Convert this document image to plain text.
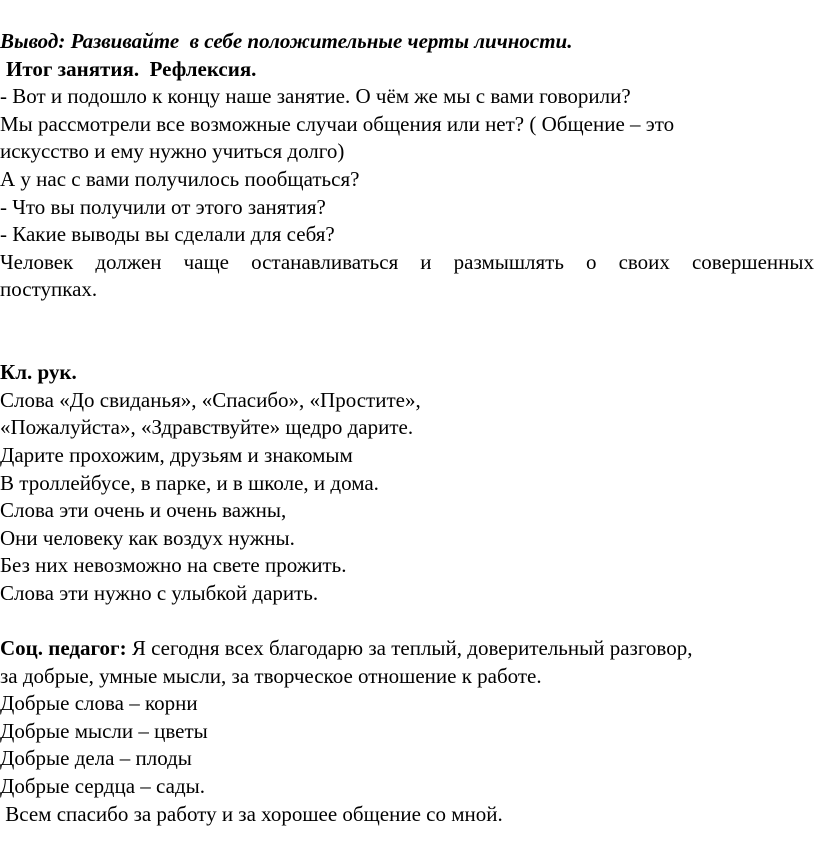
Вывод: Развивайте  в себе положительные черты личности.
Итог занятия.  Рефлексия.
- Вот и подошло к концу наше занятие. О чём же мы с вами говорили?
Мы рассмотрели все возможные случаи общения или нет? ( Общение – это
искусство и ему нужно учиться долго)
А у нас с вами получилось пообщаться?
- Что вы получили от этого занятия?
- Какие выводы вы сделали для себя?
Человек должен чаще останавливаться и размышлять о своих совершенных
поступках.
Кл. рук.
Слова «До свиданья», «Спасибо», «Простите»,
«Пожалуйста», «Здравствуйте» щедро дарите.
Дарите прохожим, друзьям и знакомым
В троллейбусе, в парке, и в школе, и дома.
Слова эти очень и очень важны,
Они человеку как воздух нужны.
Без них невозможно на свете прожить.
Слова эти нужно с улыбкой дарить.
Соц. педагог: Я сегодня всех благодарю за теплый, доверительный разговор,
за добрые, умные мысли, за творческое отношение к работе.
Добрые слова – корни
Добрые мысли – цветы
Добрые дела – плоды
Добрые сердца – сады.
Всем спасибо за работу и за хорошее общение со мной.
